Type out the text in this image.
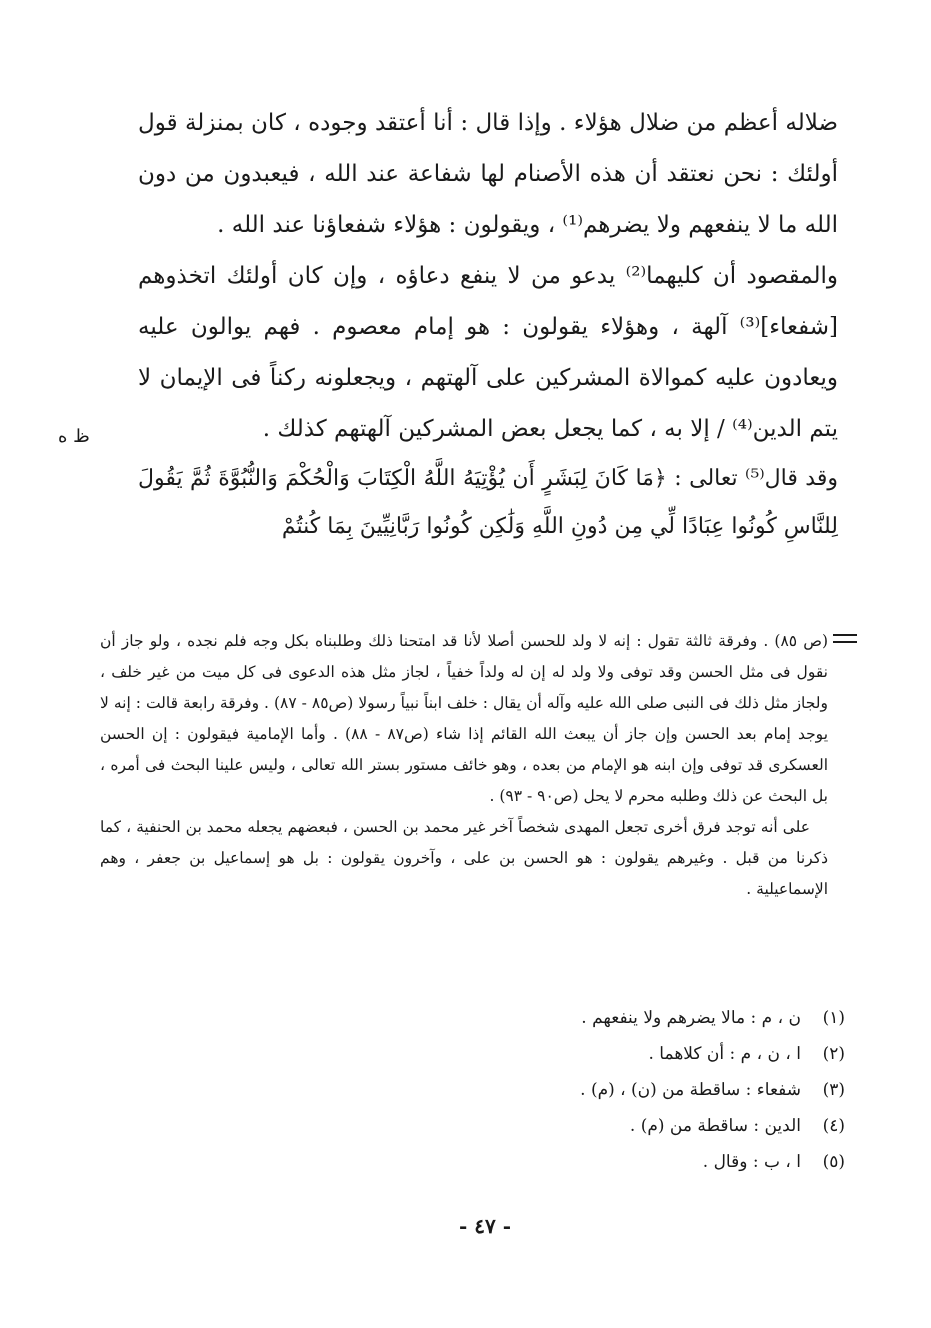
ضلاله أعظم من ضلال هؤلاء . وإذا قال : أنا أعتقد وجوده ، كان بمنزلة قول أولئك : نحن نعتقد أن هذه الأصنام لها شفاعة عند الله ، فيعبدون من دون الله ما لا ينفعهم ولا يضرهم⁽¹⁾ ، ويقولون : هؤلاء شفعاؤنا عند الله .

والمقصود أن كليهما⁽²⁾ يدعو من لا ينفع دعاؤه ، وإن كان أولئك اتخذوهم [شفعاء]⁽³⁾ آلهة ، وهؤلاء يقولون : هو إمام معصوم . فهم يوالون عليه ويعادون عليه كموالاة المشركين على آلهتهم ، ويجعلونه ركناً فى الإيمان لا يتم الدين⁽⁴⁾ / إلا به ، كما يجعل بعض المشركين آلهتهم كذلك .

وقد قال⁽⁵⁾ تعالى : ﴿مَا كَانَ لِبَشَرٍ أَن يُؤْتِيَهُ اللَّهُ الْكِتَابَ وَالْحُكْمَ وَالنُّبُوَّةَ ثُمَّ يَقُولَ لِلنَّاسِ كُونُوا عِبَادًا لِّي مِن دُونِ اللَّهِ وَلَٰكِن كُونُوا رَبَّانِيِّينَ بِمَا كُنتُمْ

ظ ه

(ص ٨٥) . وفرقة ثالثة تقول : إنه لا ولد للحسن أصلا لأنا قد امتحنا ذلك وطلبناه بكل وجه فلم نجده ، ولو جاز أن نقول فى مثل الحسن وقد توفى ولا ولد له إن له ولداً خفياً ، لجاز مثل هذه الدعوى فى كل ميت من غير خلف ، ولجاز مثل ذلك فى النبى صلى الله عليه وآله أن يقال : خلف ابناً نبياً رسولا (ص٨٥ - ٨٧) . وفرقة رابعة قالت : إنه لا يوجد إمام بعد الحسن وإن جاز أن يبعث الله القائم إذا شاء (ص٨٧ - ٨٨) . وأما الإمامية فيقولون : إن الحسن العسكرى قد توفى وإن ابنه هو الإمام من بعده ، وهو خائف مستور بستر الله تعالى ، وليس علينا البحث فى أمره ، بل البحث عن ذلك وطلبه محرم لا يحل (ص٩٠ - ٩٣) .

على أنه توجد فرق أخرى تجعل المهدى شخصاً آخر غير محمد بن الحسن ، فبعضهم يجعله محمد بن الحنفية ، كما ذكرنا من قبل . وغيرهم يقولون : هو الحسن بن على ، وآخرون يقولون : بل هو إسماعيل بن جعفر ، وهم الإسماعيلية .

(١)
ن ، م : مالا يضرهم ولا ينفعهم .
(٢)
ا ، ن ، م : أن كلاهما .
(٣)
شفعاء : ساقطة من (ن) ، (م) .
(٤)
الدين : ساقطة من (م) .
(٥)
ا ، ب : وقال .
- ٤٧ -
